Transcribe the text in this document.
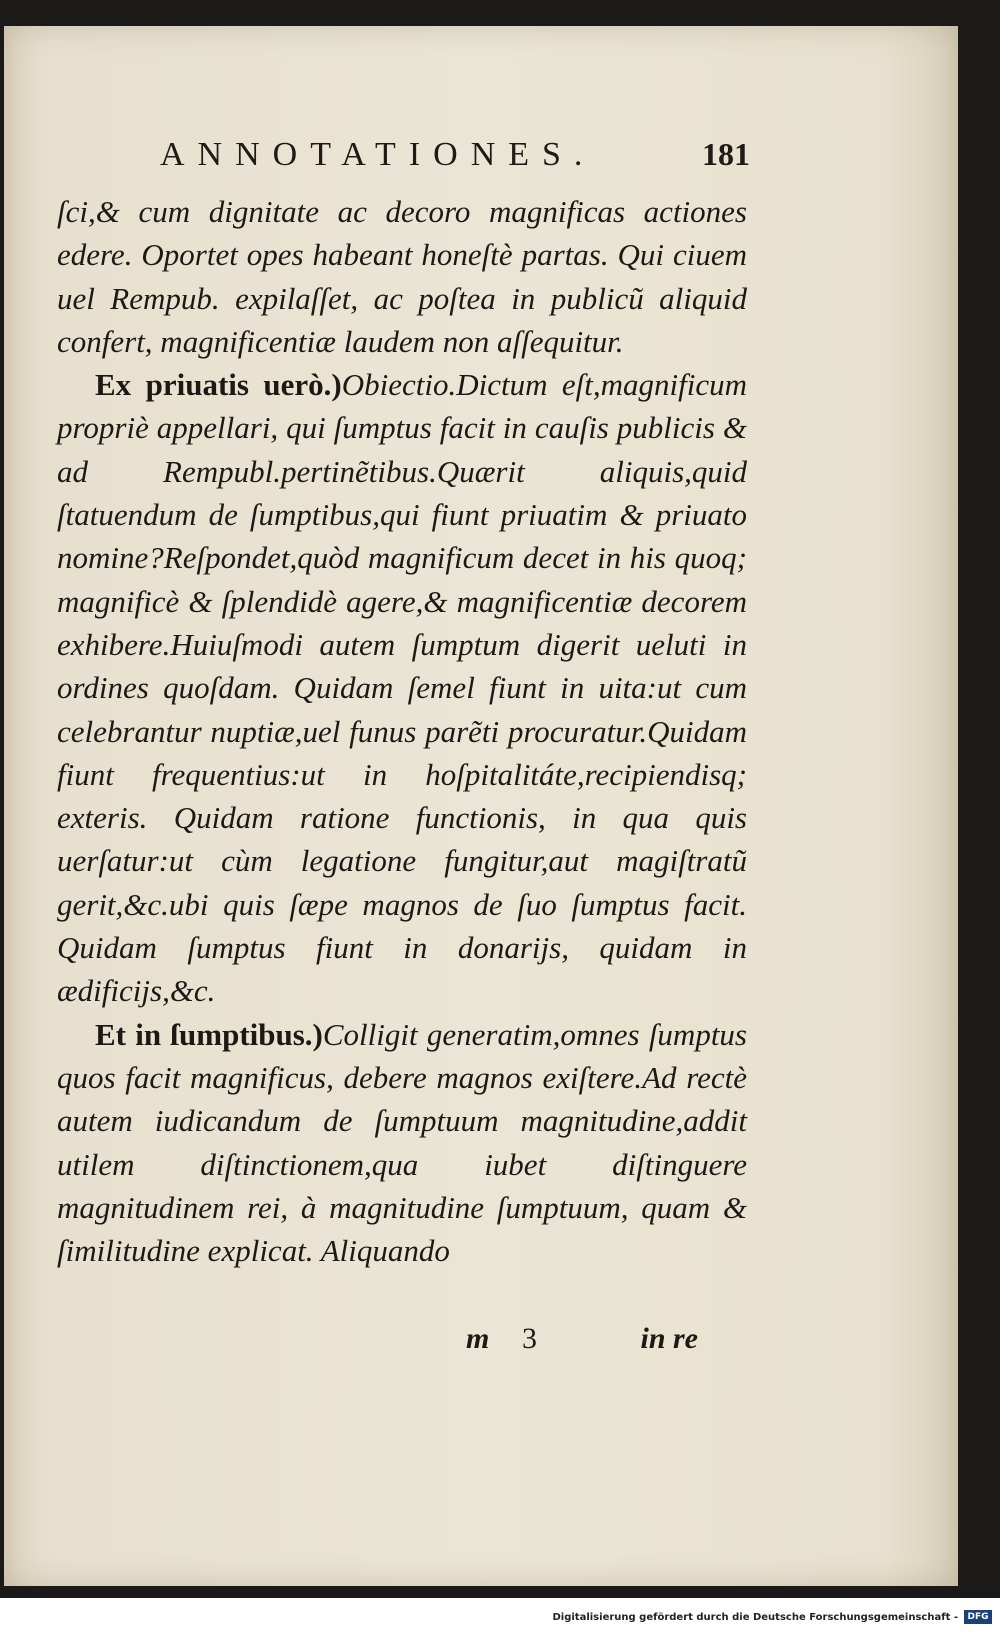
ANNOTATIONES.	181

ſci,& cum dignitate ac decoro magnificas actiones edere. Oportet opes habeant honeſtè partas. Qui ciuem uel Rempub. expilaſſet, ac poſtea in publicũ aliquid confert, magnificentiæ laudem non aſſequitur.

Ex priuatis uerò.)Obiectio.Dictum eſt,magnificum propriè appellari, qui ſumptus facit in cauſis publicis & ad Rempubl.pertinẽtibus.Quærit aliquis,quid ſtatuendum de ſumptibus,qui fiunt priuatim & priuato nomine?Reſpondet,quòd magnificum decet in his quoq; magnificè & ſplendidè agere,& magnificentiæ decorem exhibere.Huiuſmodi autem ſumptum digerit ueluti in ordines quoſdam. Quidam ſemel fiunt in uita:ut cum celebrantur nuptiæ,uel funus parẽti procuratur.Quidam fiunt frequentius:ut in hoſpitalitáte,recipiendisq; exteris. Quidam ratione functionis, in qua quis uerſatur:ut cùm legatione fungitur,aut magiſtratũ gerit,&c.ubi quis ſæpe magnos de ſuo ſumptus facit. Quidam ſumptus fiunt in donarijs, quidam in ædificijs,&c.

Et in ſumptibus.)Colligit generatim,omnes ſumptus quos facit magnificus, debere magnos exiſtere.Ad rectè autem iudicandum de ſumptuum magnitudine,addit utilem diſtinctionem,qua iubet diſtinguere magnitudinem rei, à magnitudine ſumptuum, quam & ſimilitudine explicat. Aliquando

m 3	in re
Digitalisierung gefördert durch die Deutsche Forschungsgemeinschaft -	DFG
